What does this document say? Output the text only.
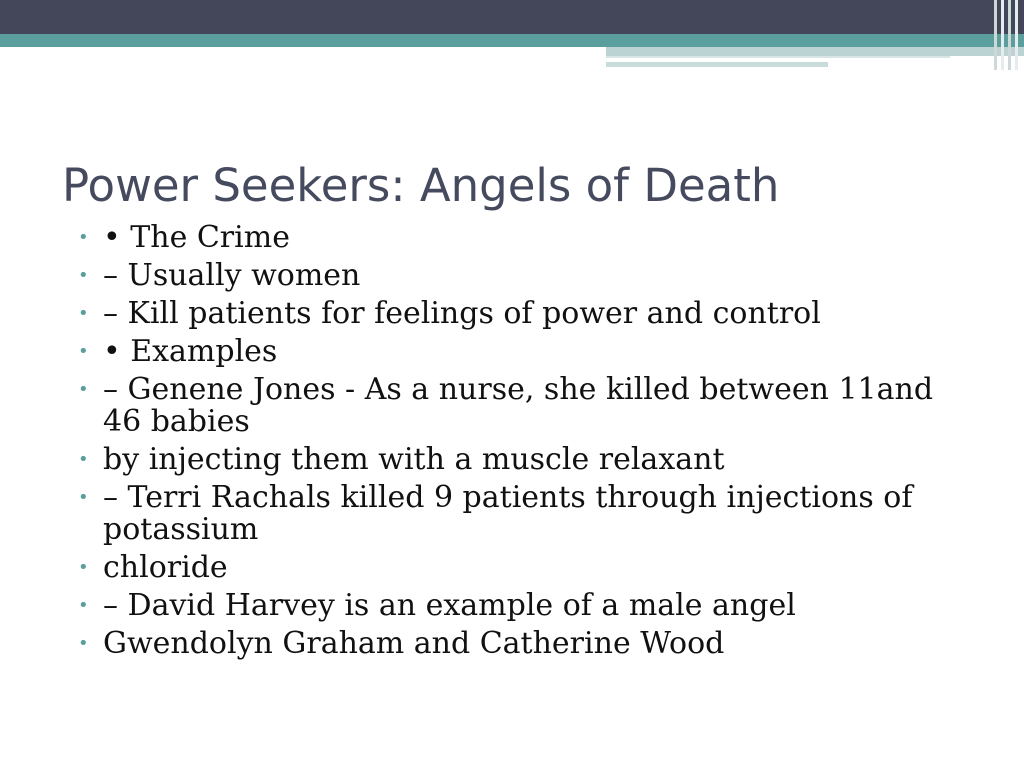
Power Seekers: Angels of Death
• • The Crime
• – Usually women
• – Kill patients for feelings of power and control
• • Examples
• – Genene Jones - As a nurse, she killed between 11and 46 babies
• by injecting them with a muscle relaxant
• – Terri Rachals killed 9 patients through injections of potassium
• chloride
• – David Harvey is an example of a male angel
• Gwendolyn Graham and Catherine Wood
